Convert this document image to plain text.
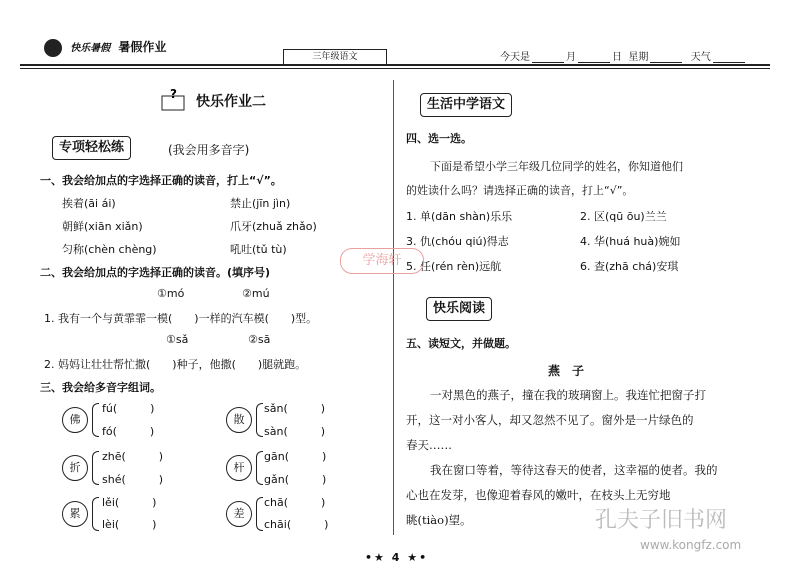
快乐暑假 暑假作业
三年级语文	今天是	月	日 星期	天气
? 快乐作业二
专项轻松练	(我会用多音字)
一、我会给加点的字选择正确的读音，打上“√”。
挨着(āi ái)	禁止(jīn jìn)
朝鲜(xiān xiǎn)	爪牙(zhuǎ zhǎo)
匀称(chèn chèng)	吼吐(tǔ tù)
二、我会给加点的字选择正确的读音。(填序号)
①mó	②mú
1. 我有一个与黄霏霏一模(　　)一样的汽车模(　　)型。
①sǎ	②sā
2. 妈妈让壮壮帮忙撒(　　)种子，他撒(　　)腿就跑。
三、我会给多音字组词。
佛
fú(　　　)
fó(　　　)
散
sǎn(　　　)
sàn(　　　)
折
zhē(　　　)
shé(　　　)
杆
gān(　　　)
gǎn(　　　)
累
lěi(　　　)
lèi(　　　)
差
chā(　　　)
chāi(　　　)
生活中学语文
四、选一选。
下面是希望小学三年级几位同学的姓名，你知道他们
的姓读什么吗？请选择正确的读音，打上“√”。
1. 单(dān shàn)乐乐	2. 区(qū ōu)兰兰
3. 仇(chóu qiú)得志	4. 华(huá huà)婉如
5. 任(rén rèn)远航	6. 查(zhā chá)安琪
快乐阅读
五、读短文，并做题。
燕　子
一对黑色的燕子，撞在我的玻璃窗上。我连忙把窗子打
开，这一对小客人，却又忽然不见了。窗外是一片绿色的
春天……
我在窗口等着，等待这春天的使者，这幸福的使者。我的
心也在发芽，也像迎着春风的嫩叶，在枝头上无穷地
眺(tiào)望。
学海轩
孔夫子旧书网
www.kongfz.com
•★ 4 ★•
